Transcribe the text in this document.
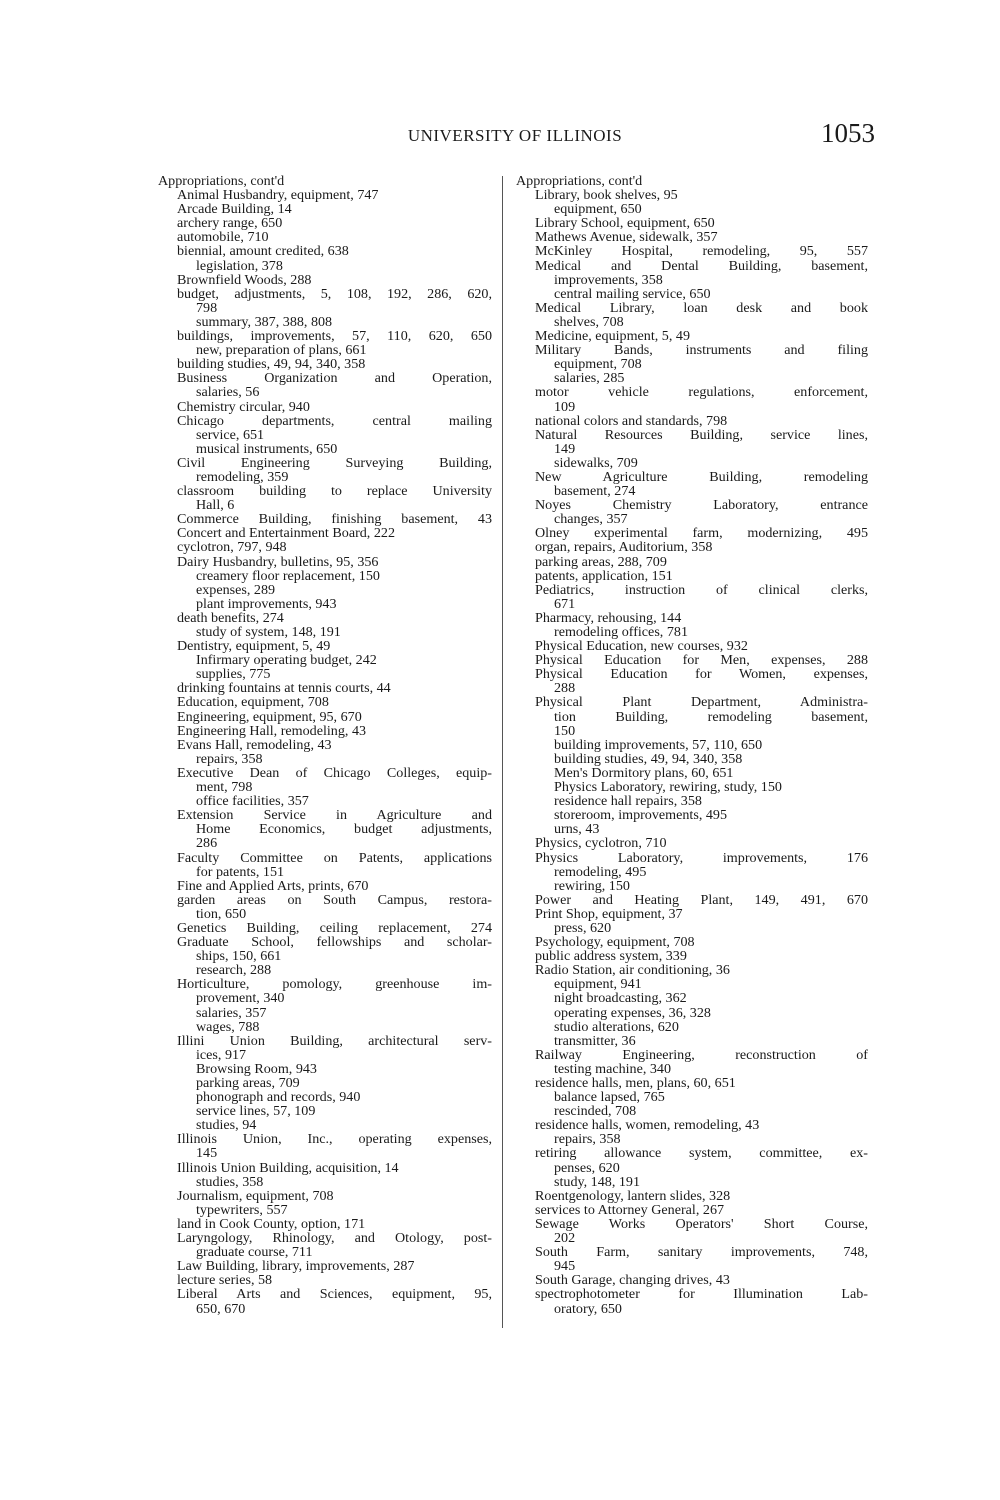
UNIVERSITY OF ILLINOIS	1053
Appropriations, cont'd
Animal Husbandry, equipment, 747
Arcade Building, 14
archery range, 650
automobile, 710
biennial, amount credited, 638
legislation, 378
Brownfield Woods, 288
budget, adjustments, 5, 108, 192, 286, 620,
798
summary, 387, 388, 808
buildings, improvements, 57, 110, 620, 650
new, preparation of plans, 661
building studies, 49, 94, 340, 358
Business Organization and Operation,
salaries, 56
Chemistry circular, 940
Chicago departments, central mailing
service, 651
musical instruments, 650
Civil Engineering Surveying Building,
remodeling, 359
classroom building to replace University
Hall, 6
Commerce Building, finishing basement, 43
Concert and Entertainment Board, 222
cyclotron, 797, 948
Dairy Husbandry, bulletins, 95, 356
creamery floor replacement, 150
expenses, 289
plant improvements, 943
death benefits, 274
study of system, 148, 191
Dentistry, equipment, 5, 49
Infirmary operating budget, 242
supplies, 775
drinking fountains at tennis courts, 44
Education, equipment, 708
Engineering, equipment, 95, 670
Engineering Hall, remodeling, 43
Evans Hall, remodeling, 43
repairs, 358
Executive Dean of Chicago Colleges, equip-
ment, 798
office facilities, 357
Extension Service in Agriculture and
Home Economics, budget adjustments,
286
Faculty Committee on Patents, applications
for patents, 151
Fine and Applied Arts, prints, 670
garden areas on South Campus, restora-
tion, 650
Genetics Building, ceiling replacement, 274
Graduate School, fellowships and scholar-
ships, 150, 661
research, 288
Horticulture, pomology, greenhouse im-
provement, 340
salaries, 357
wages, 788
Illini Union Building, architectural serv-
ices, 917
Browsing Room, 943
parking areas, 709
phonograph and records, 940
service lines, 57, 109
studies, 94
Illinois Union, Inc., operating expenses,
145
Illinois Union Building, acquisition, 14
studies, 358
Journalism, equipment, 708
typewriters, 557
land in Cook County, option, 171
Laryngology, Rhinology, and Otology, post-
graduate course, 711
Law Building, library, improvements, 287
lecture series, 58
Liberal Arts and Sciences, equipment, 95,
650, 670
Appropriations, cont'd
Library, book shelves, 95
equipment, 650
Library School, equipment, 650
Mathews Avenue, sidewalk, 357
McKinley Hospital, remodeling, 95, 557
Medical and Dental Building, basement,
improvements, 358
central mailing service, 650
Medical Library, loan desk and book
shelves, 708
Medicine, equipment, 5, 49
Military Bands, instruments and filing
equipment, 708
salaries, 285
motor vehicle regulations, enforcement,
109
national colors and standards, 798
Natural Resources Building, service lines,
149
sidewalks, 709
New Agriculture Building, remodeling
basement, 274
Noyes Chemistry Laboratory, entrance
changes, 357
Olney experimental farm, modernizing, 495
organ, repairs, Auditorium, 358
parking areas, 288, 709
patents, application, 151
Pediatrics, instruction of clinical clerks,
671
Pharmacy, rehousing, 144
remodeling offices, 781
Physical Education, new courses, 932
Physical Education for Men, expenses, 288
Physical Education for Women, expenses,
288
Physical Plant Department, Administra-
tion Building, remodeling basement,
150
building improvements, 57, 110, 650
building studies, 49, 94, 340, 358
Men's Dormitory plans, 60, 651
Physics Laboratory, rewiring, study, 150
residence hall repairs, 358
storeroom, improvements, 495
urns, 43
Physics, cyclotron, 710
Physics Laboratory, improvements, 176
remodeling, 495
rewiring, 150
Power and Heating Plant, 149, 491, 670
Print Shop, equipment, 37
press, 620
Psychology, equipment, 708
public address system, 339
Radio Station, air conditioning, 36
equipment, 941
night broadcasting, 362
operating expenses, 36, 328
studio alterations, 620
transmitter, 36
Railway Engineering, reconstruction of
testing machine, 340
residence halls, men, plans, 60, 651
balance lapsed, 765
rescinded, 708
residence halls, women, remodeling, 43
repairs, 358
retiring allowance system, committee, ex-
penses, 620
study, 148, 191
Roentgenology, lantern slides, 328
services to Attorney General, 267
Sewage Works Operators' Short Course,
202
South Farm, sanitary improvements, 748,
945
South Garage, changing drives, 43
spectrophotometer for Illumination Lab-
oratory, 650
